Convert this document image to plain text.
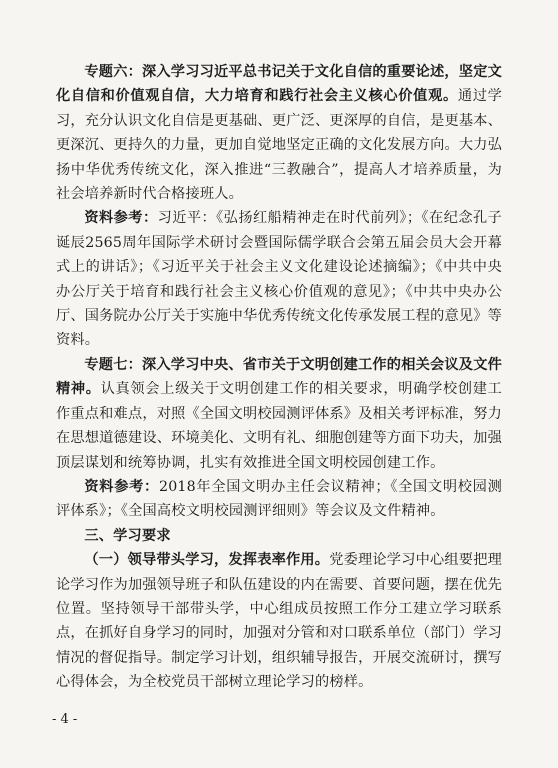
专题六：深入学习习近平总书记关于文化自信的重要论述，坚定文化自信和价值观自信，大力培育和践行社会主义核心价值观。通过学习，充分认识文化自信是更基础、更广泛、更深厚的自信，是更基本、更深沉、更持久的力量，更加自觉地坚定正确的文化发展方向。大力弘扬中华优秀传统文化，深入推进“三教融合”，提高人才培养质量，为社会培养新时代合格接班人。

资料参考：习近平：《弘扬红船精神走在时代前列》；《在纪念孔子诞辰2565周年国际学术研讨会暨国际儒学联合会第五届会员大会开幕式上的讲话》；《习近平关于社会主义文化建设论述摘编》；《中共中央办公厅关于培育和践行社会主义核心价值观的意见》；《中共中央办公厅、国务院办公厅关于实施中华优秀传统文化传承发展工程的意见》等资料。

专题七：深入学习中央、省市关于文明创建工作的相关会议及文件精神。认真领会上级关于文明创建工作的相关要求，明确学校创建工作重点和难点，对照《全国文明校园测评体系》及相关考评标准，努力在思想道德建设、环境美化、文明有礼、细胞创建等方面下功夫，加强顶层谋划和统筹协调，扎实有效推进全国文明校园创建工作。

资料参考：2018年全国文明办主任会议精神；《全国文明校园测评体系》；《全国高校文明校园测评细则》等会议及文件精神。

三、学习要求

（一）领导带头学习，发挥表率作用。党委理论学习中心组要把理论学习作为加强领导班子和队伍建设的内在需要、首要问题，摆在优先位置。坚持领导干部带头学，中心组成员按照工作分工建立学习联系点，在抓好自身学习的同时，加强对分管和对口联系单位（部门）学习情况的督促指导。制定学习计划，组织辅导报告，开展交流研讨，撰写心得体会，为全校党员干部树立理论学习的榜样。

- 4 -
